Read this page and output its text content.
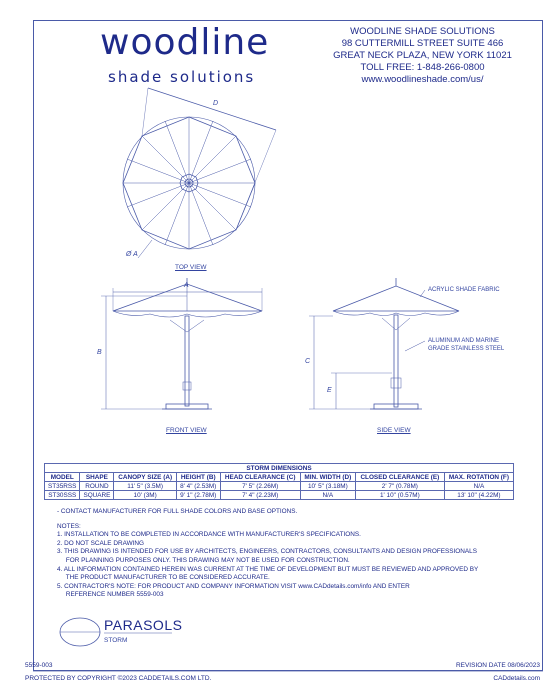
woodline
shade solutions
WOODLINE SHADE SOLUTIONS
98 CUTTERMILL STREET SUITE 466
GREAT NECK PLAZA, NEW YORK 11021
TOLL FREE: 1-848-266-0800
www.woodlineshade.com/us/
D
Ø A
A
B
C
E
TOP VIEW
FRONT VIEW	SIDE VIEW
ACRYLIC SHADE FABRIC
ALUMINUM AND MARINE
GRADE STAINLESS STEEL
STORM DIMENSIONS							
MODEL	SHAPE	CANOPY SIZE (A)	HEIGHT (B)	HEAD CLEARANCE (C)	MIN. WIDTH (D)	CLOSED CLEARANCE (E)	MAX. ROTATION (F)
ST35RSS	ROUND	11' 5" (3.5M)	8' 4" (2.53M)	7' 5" (2.26M)	10' 5" (3.18M)	2' 7" (0.78M)	N/A
ST30SSS	SQUARE	10' (3M)	9' 1" (2.78M)	7' 4" (2.23M)	N/A	1' 10" (0.57M)	13' 10" (4.22M)
- CONTACT MANUFACTURER FOR FULL SHADE COLORS AND BASE OPTIONS.
NOTES:
1. INSTALLATION TO BE COMPLETED IN ACCORDANCE WITH MANUFACTURER'S SPECIFICATIONS.
2. DO NOT SCALE DRAWING
3. THIS DRAWING IS INTENDED FOR USE BY ARCHITECTS, ENGINEERS, CONTRACTORS, CONSULTANTS AND DESIGN PROFESSIONALS
FOR PLANNING PURPOSES ONLY. THIS DRAWING MAY NOT BE USED FOR CONSTRUCTION.
4. ALL INFORMATION CONTAINED HEREIN WAS CURRENT AT THE TIME OF DEVELOPMENT BUT MUST BE REVIEWED AND APPROVED BY
THE PRODUCT MANUFACTURER TO BE CONSIDERED ACCURATE.
5. CONTRACTOR'S NOTE: FOR PRODUCT AND COMPANY INFORMATION VISIT www.CADdetails.com/info AND ENTER
REFERENCE NUMBER 5559-003
PARASOLS
STORM
5559-003	REVISION DATE 08/06/2023
PROTECTED BY COPYRIGHT ©2023 CADDETAILS.COM LTD.	CADdetails.com
